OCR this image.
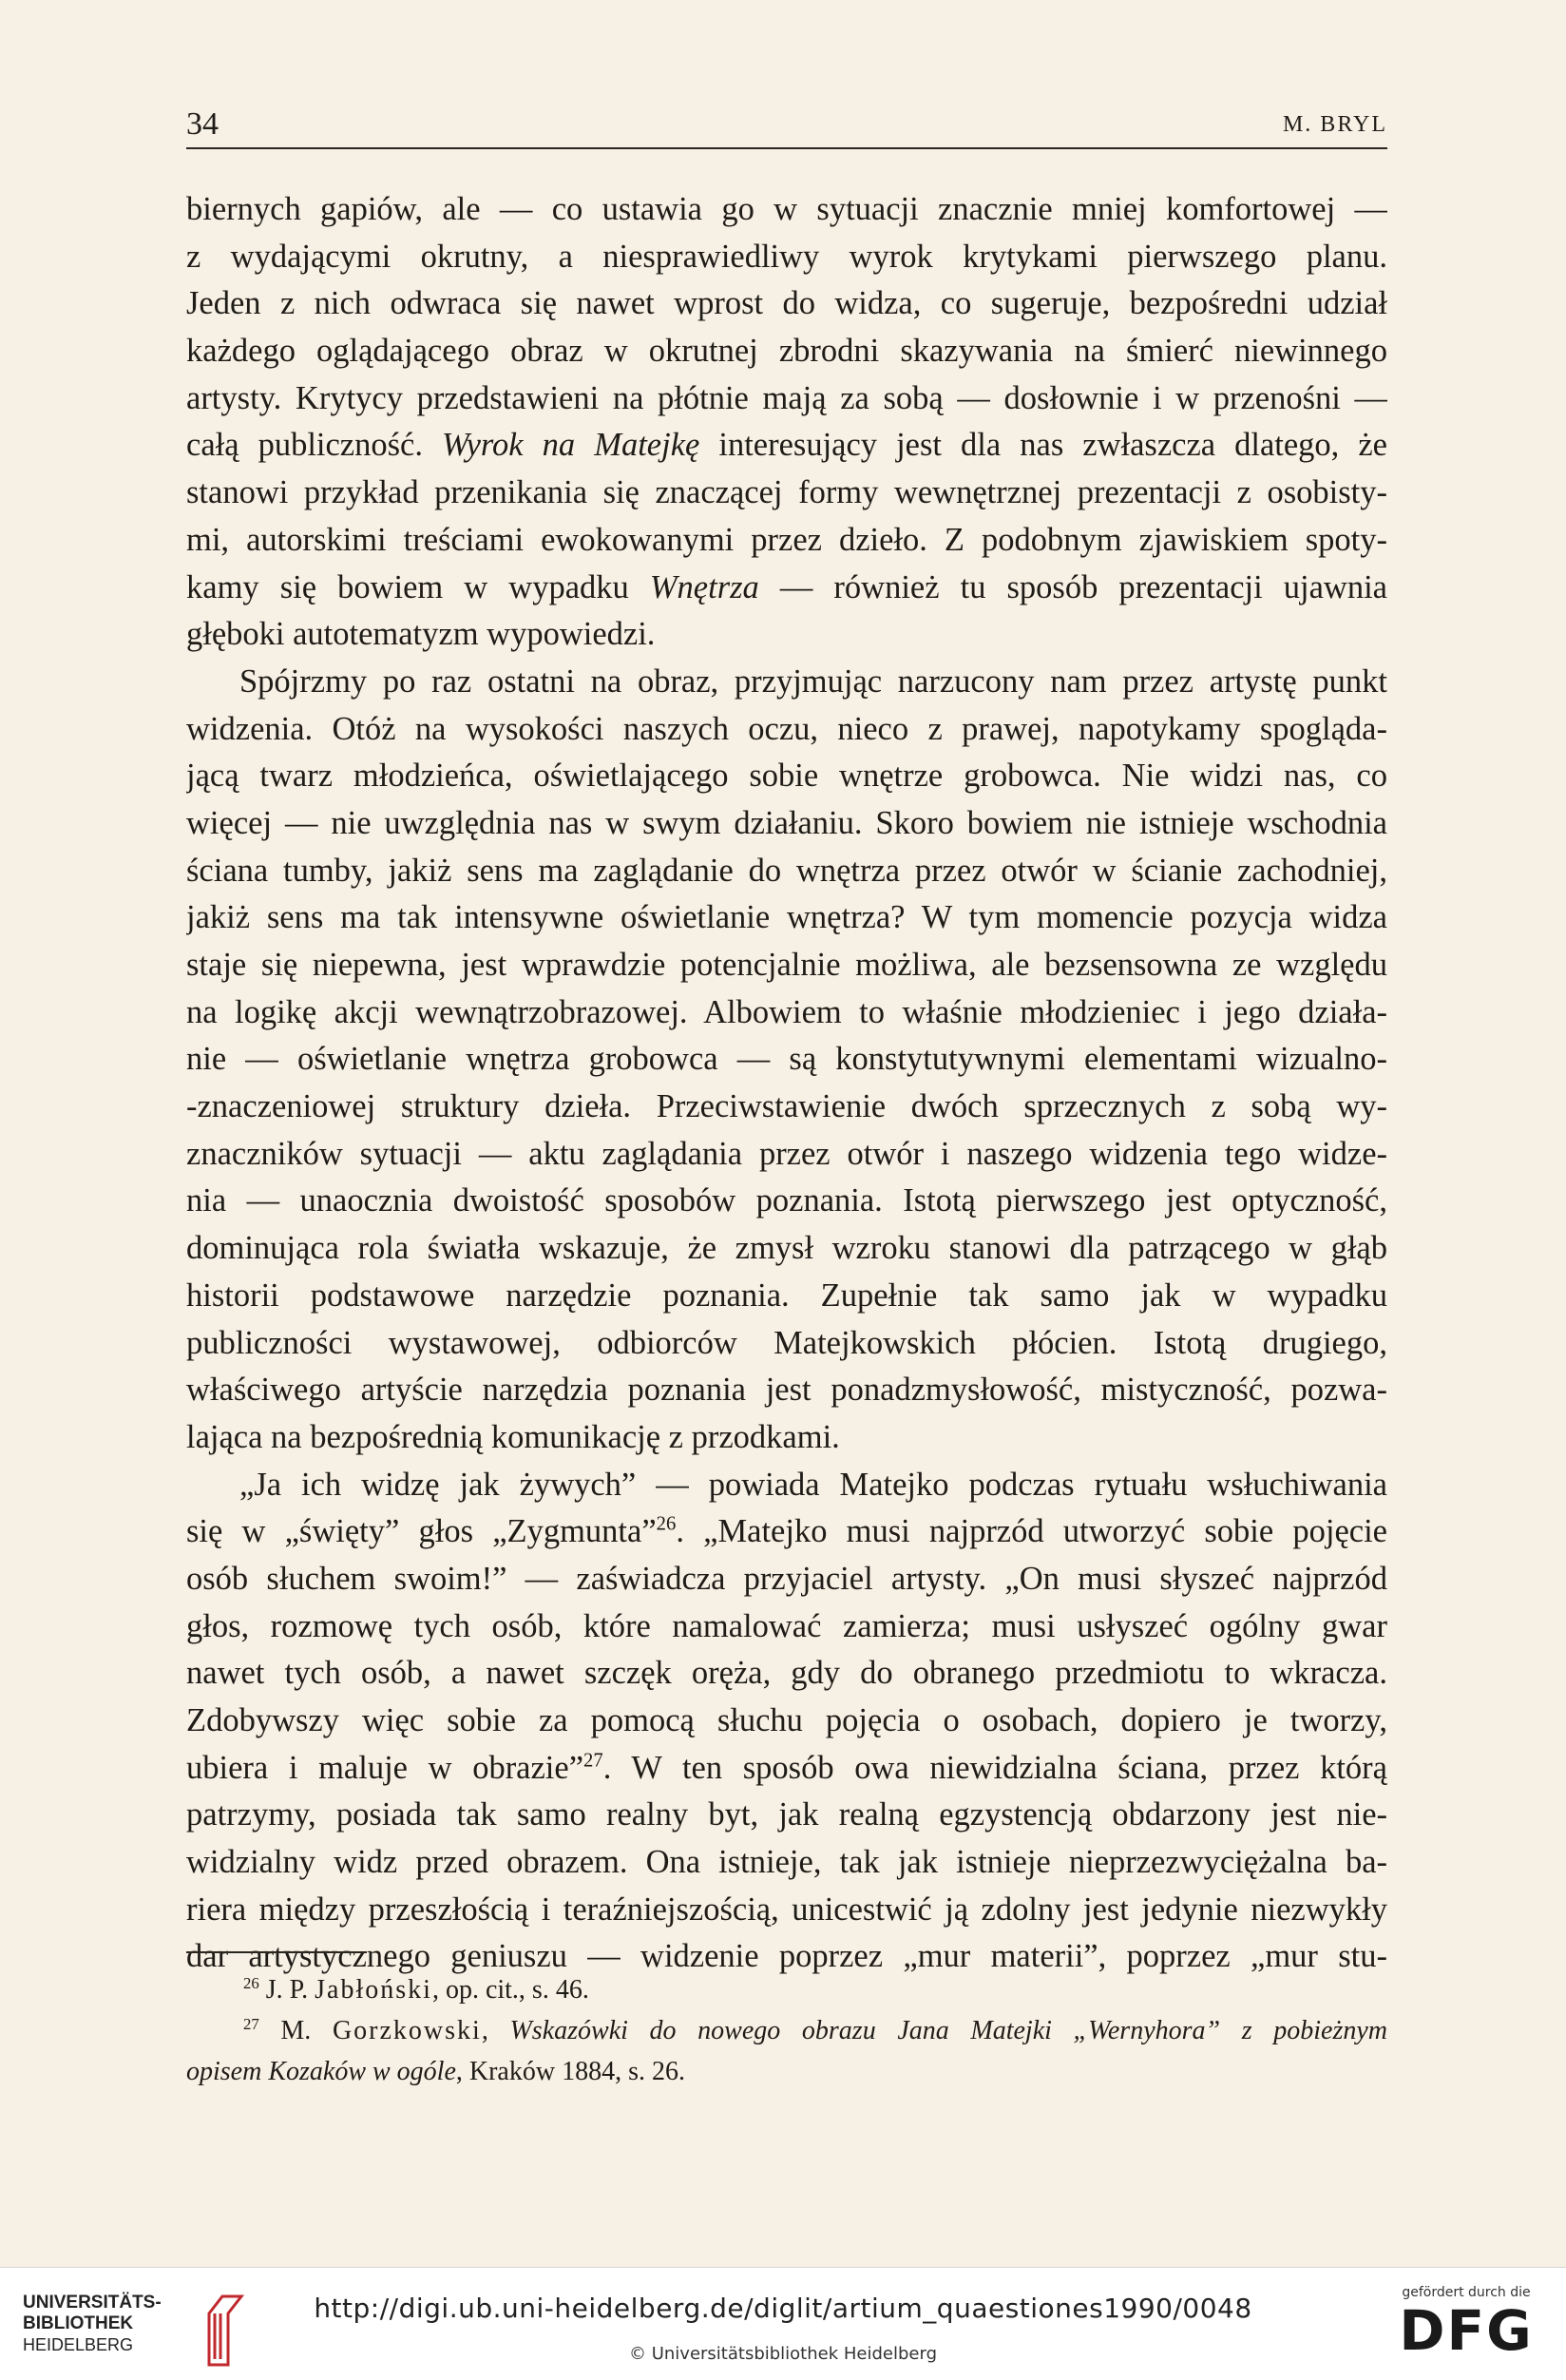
34	M. BRYL
biernych gapiów, ale — co ustawia go w sytuacji znacznie mniej komfortowej —
z wydającymi okrutny, a niesprawiedliwy wyrok krytykami pierwszego planu.
Jeden z nich odwraca się nawet wprost do widza, co sugeruje, bezpośredni udział
każdego oglądającego obraz w okrutnej zbrodni skazywania na śmierć niewinnego
artysty. Krytycy przedstawieni na płótnie mają za sobą — dosłownie i w przenośni —
całą publiczność. Wyrok na Matejkę interesujący jest dla nas zwłaszcza dlatego, że
stanowi przykład przenikania się znaczącej formy wewnętrznej prezentacji z osobisty-
mi, autorskimi treściami ewokowanymi przez dzieło. Z podobnym zjawiskiem spoty-
kamy się bowiem w wypadku Wnętrza — również tu sposób prezentacji ujawnia
głęboki autotematyzm wypowiedzi.
Spójrzmy po raz ostatni na obraz, przyjmując narzucony nam przez artystę punkt
widzenia. Otóż na wysokości naszych oczu, nieco z prawej, napotykamy spogląda-
jącą twarz młodzieńca, oświetlającego sobie wnętrze grobowca. Nie widzi nas, co
więcej — nie uwzględnia nas w swym działaniu. Skoro bowiem nie istnieje wschodnia
ściana tumby, jakiż sens ma zaglądanie do wnętrza przez otwór w ścianie zachodniej,
jakiż sens ma tak intensywne oświetlanie wnętrza? W tym momencie pozycja widza
staje się niepewna, jest wprawdzie potencjalnie możliwa, ale bezsensowna ze względu
na logikę akcji wewnątrzobrazowej. Albowiem to właśnie młodzieniec i jego działa-
nie — oświetlanie wnętrza grobowca — są konstytutywnymi elementami wizualno-
-znaczeniowej struktury dzieła. Przeciwstawienie dwóch sprzecznych z sobą wy-
znaczników sytuacji — aktu zaglądania przez otwór i naszego widzenia tego widze-
nia — unaocznia dwoistość sposobów poznania. Istotą pierwszego jest optyczność,
dominująca rola światła wskazuje, że zmysł wzroku stanowi dla patrzącego w głąb
historii podstawowe narzędzie poznania. Zupełnie tak samo jak w wypadku
publiczności wystawowej, odbiorców Matejkowskich płócien. Istotą drugiego,
właściwego artyście narzędzia poznania jest ponadzmysłowość, mistyczność, pozwa-
lająca na bezpośrednią komunikację z przodkami.
„Ja ich widzę jak żywych” — powiada Matejko podczas rytuału wsłuchiwania
się w „święty” głos „Zygmunta”$^{26}$. „Matejko musi najprzód utworzyć sobie pojęcie
osób słuchem swoim!” — zaświadcza przyjaciel artysty. „On musi słyszeć najprzód
głos, rozmowę tych osób, które namalować zamierza; musi usłyszeć ogólny gwar
nawet tych osób, a nawet szczęk oręża, gdy do obranego przedmiotu to wkracza.
Zdobywszy więc sobie za pomocą słuchu pojęcia o osobach, dopiero je tworzy,
ubiera i maluje w obrazie”$^{27}$. W ten sposób owa niewidzialna ściana, przez którą
patrzymy, posiada tak samo realny byt, jak realną egzystencją obdarzony jest nie-
widzialny widz przed obrazem. Ona istnieje, tak jak istnieje nieprzezwyciężalna ba-
riera między przeszłością i teraźniejszością, unicestwić ją zdolny jest jedynie niezwykły
dar artystycznego geniuszu — widzenie poprzez „mur materii”, poprzez „mur stu-
$^{26}$ J. P. Jabłoński, op. cit., s. 46.
$^{27}$ M. Gorzkowski, Wskazówki do nowego obrazu Jana Matejki „Wernyhora” z pobieżnym
opisem Kozaków w ogóle, Kraków 1884, s. 26.
UNIVERSITÄTS-
BIBLIOTHEK
HEIDELBERG
http://digi.ub.uni-heidelberg.de/diglit/artium_quaestiones1990/0048
© Universitätsbibliothek Heidelberg
gefördert durch die
DFG
